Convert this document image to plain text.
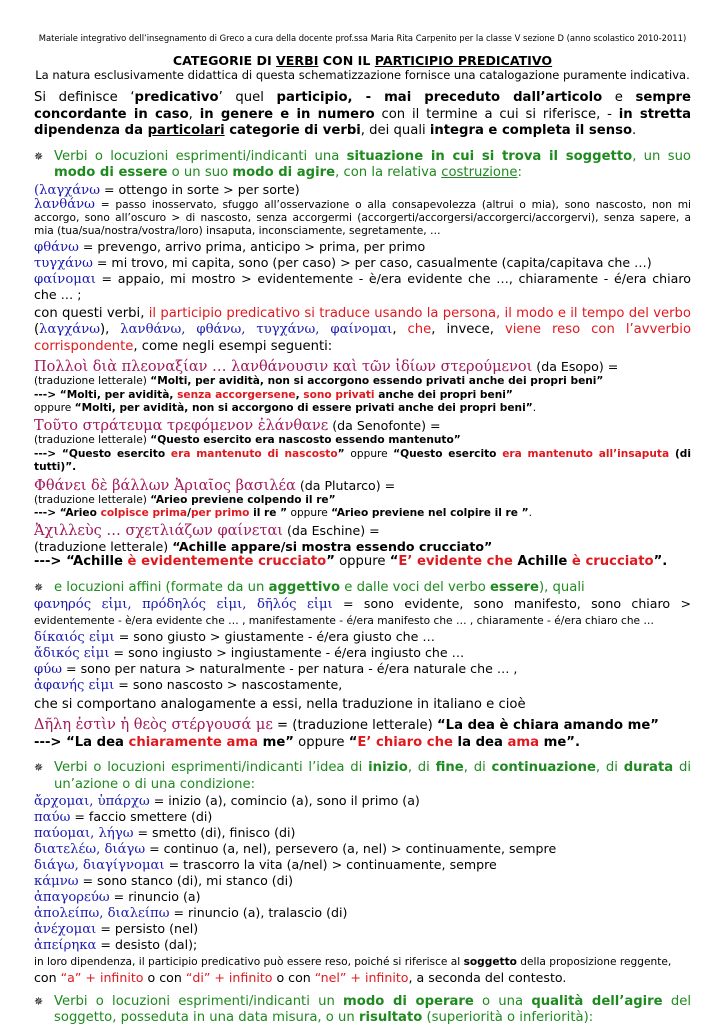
Materiale integrativo dell’insegnamento di Greco a cura della docente prof.ssa Maria Rita Carpenito per la classe V sezione D (anno scolastico 2010-2011)
CATEGORIE DI VERBI CON IL PARTICIPIO PREDICATIVO
La natura esclusivamente didattica di questa schematizzazione fornisce una catalogazione puramente indicativa.
Si definisce ‘predicativo’ quel participio, - mai preceduto dall’articolo e sempre concordante in caso, in genere e in numero con il termine a cui si riferisce, - in stretta dipendenza da particolari categorie di verbi, dei quali integra e completa il senso.
✵ Verbi o locuzioni esprimenti/indicanti una situazione in cui si trova il soggetto, un suo modo di essere o un suo modo di agire, con la relativa costruzione:
(λαγχάνω = ottengo in sorte > per sorte)
λανθάνω = passo inosservato, sfuggo all’osservazione o alla consapevolezza (altrui o mia), sono nascosto, non mi accorgo, sono all’oscuro > di nascosto, senza accorgermi (accorgerti/accorgersi/accorgerci/accorgervi), senza sapere, a mia (tua/sua/nostra/vostra/loro) insaputa, inconsciamente, segretamente, …
φθάνω = prevengo, arrivo prima, anticipo > prima, per primo
τυγχάνω = mi trovo, mi capita, sono (per caso) > per caso, casualmente (capita/capitava che …)
φαίνομαι = appaio, mi mostro > evidentemente - è/era evidente che …, chiaramente - é/era chiaro che … ;
con questi verbi, il participio predicativo si traduce usando la persona, il modo e il tempo del verbo (λαγχάνω), λανθάνω, φθάνω, τυγχάνω, φαίνομαι, che, invece, viene reso con l’avverbio corrispondente, come negli esempi seguenti:
Πολλοὶ διὰ πλεοναξίαν … λανθάνουσιν καὶ τῶν ἰδίων στερούμενοι (da Esopo) =
(traduzione letterale) “Molti, per avidità, non si accorgono essendo privati anche dei propri beni”
---> “Molti, per avidità, senza accorgersene, sono privati anche dei propri beni”
oppure “Molti, per avidità, non si accorgono di essere privati anche dei propri beni”.
Τοῦτο στράτευμα τρεφόμενον ἐλάνθανε (da Senofonte) =
(traduzione letterale) “Questo esercito era nascosto essendo mantenuto”
---> “Questo esercito era mantenuto di nascosto” oppure “Questo esercito era mantenuto all’insaputa (di tutti)”.
Φθάνει δὲ βάλλων Ἀριαῖος βασιλέα (da Plutarco) =
(traduzione letterale) “Arieo previene colpendo il re”
---> “Arieo colpisce prima/per primo il re ” oppure “Arieo previene nel colpire il re ”.
Ἀχιλλεὺς … σχετλιάζων φαίνεται (da Eschine) =
(traduzione letterale) “Achille appare/si mostra essendo crucciato”
---> “Achille è evidentemente crucciato” oppure “E’ evidente che Achille è crucciato”.
✵ e locuzioni affini (formate da un aggettivo e dalle voci del verbo essere), quali
φανηρός εἰμι, πρόδηλός εἰμι, δῆλός εἰμι = sono evidente, sono manifesto, sono chiaro > evidentemente - è/era evidente che … , manifestamente - é/era manifesto che … , chiaramente - é/era chiaro che …
δίκαιός εἰμι = sono giusto > giustamente - é/era giusto che …
ἄδικός εἰμι = sono ingiusto > ingiustamente - é/era ingiusto che …
φύω = sono per natura > naturalmente - per natura - é/era naturale che … ,
ἀφανής εἰμι = sono nascosto > nascostamente,
che si comportano analogamente a essi, nella traduzione in italiano e cioè
Δῆλη ἐστὶν ἡ θεὸς στέργουσά με = (traduzione letterale) “La dea è chiara amando me”
---> “La dea chiaramente ama me” oppure “E’ chiaro che la dea ama me”.
✵ Verbi o locuzioni esprimenti/indicanti l’idea di inizio, di fine, di continuazione, di durata di un’azione o di una condizione:
ἄρχομαι, ὑπάρχω = inizio (a), comincio (a), sono il primo (a)
παύω = faccio smettere (di)
παύομαι, λήγω = smetto (di), finisco (di)
διατελέω, διάγω = continuo (a, nel), persevero (a, nel) > continuamente, sempre
διάγω, διαγίγνομαι = trascorro la vita (a/nel) > continuamente, sempre
κάμνω = sono stanco (di), mi stanco (di)
ἀπαγορεύω = rinuncio (a)
ἀπολείπω, διαλείπω = rinuncio (a), tralascio (di)
ἀνέχομαι = persisto (nel)
ἀπείρηκα = desisto (dal);
in loro dipendenza, il participio predicativo può essere reso, poiché si riferisce al soggetto della proposizione reggente,
con “a” + infinito o con “di” + infinito o con “nel” + infinito, a seconda del contesto.
✵ Verbi o locuzioni esprimenti/indicanti un modo di operare o una qualità dell’agire del soggetto, posseduta in una data misura, o un risultato (superiorità o inferiorità):
